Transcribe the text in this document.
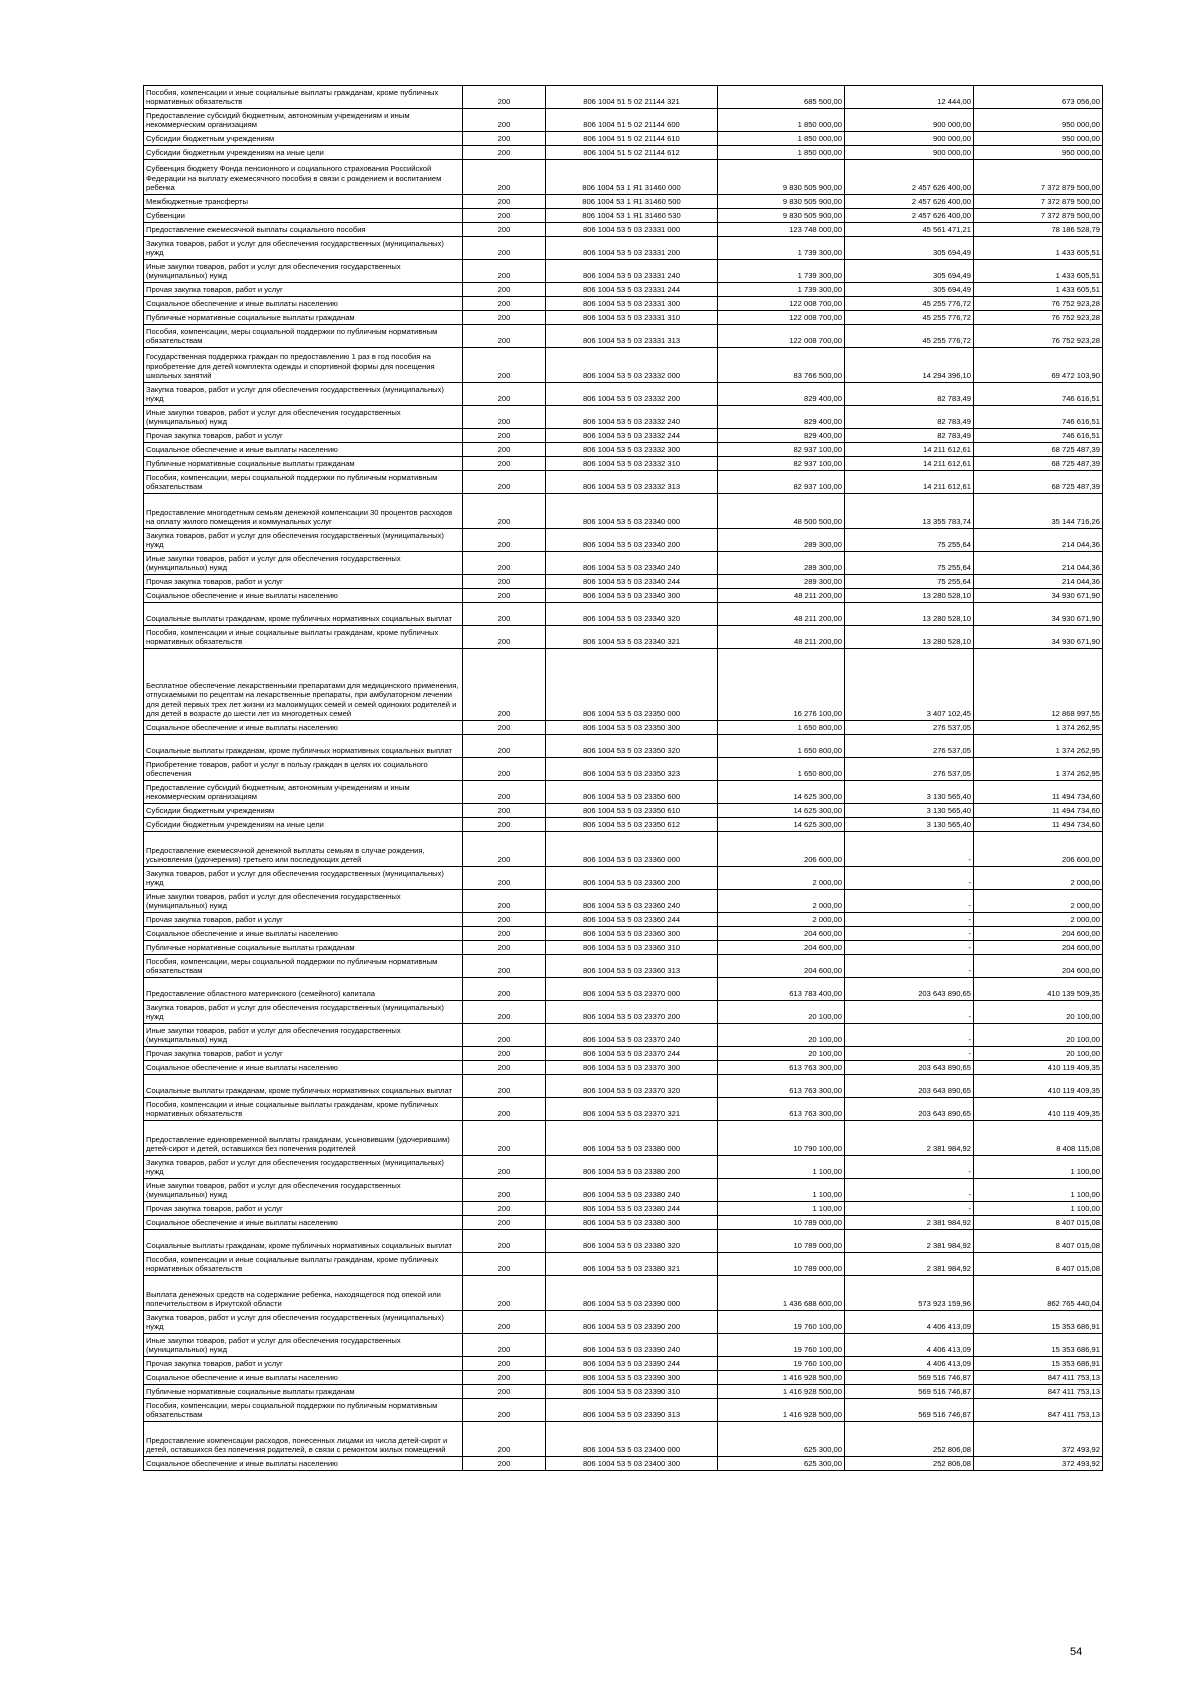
Пособия, компенсации и иные социальные выплаты гражданам, кроме публичных нормативных обязательств	200	806 1004 51 5 02 21144 321	685 500,00	12 444,00	673 056,00
Предоставление субсидий бюджетным, автономным учреждениям и иным некоммерческим организациям	200	806 1004 51 5 02 21144 600	1 850 000,00	900 000,00	950 000,00
Субсидии бюджетным учреждениям	200	806 1004 51 5 02 21144 610	1 850 000,00	900 000,00	950 000,00
Субсидии бюджетным учреждениям на иные цели	200	806 1004 51 5 02 21144 612	1 850 000,00	900 000,00	950 000,00
Субвенция бюджету Фонда пенсионного и социального страхования Российской Федерации на выплату ежемесячного пособия в связи с рождением и воспитанием ребенка	200	806 1004 53 1 Я1 31460 000	9 830 505 900,00	2 457 626 400,00	7 372 879 500,00
Межбюджетные трансферты	200	806 1004 53 1 Я1 31460 500	9 830 505 900,00	2 457 626 400,00	7 372 879 500,00
Субвенции	200	806 1004 53 1 Я1 31460 530	9 830 505 900,00	2 457 626 400,00	7 372 879 500,00
Предоставление ежемесячной выплаты социального пособия	200	806 1004 53 5 03 23331 000	123 748 000,00	45 561 471,21	78 186 528,79
Закупка товаров, работ и услуг для обеспечения государственных (муниципальных) нужд	200	806 1004 53 5 03 23331 200	1 739 300,00	305 694,49	1 433 605,51
Иные закупки товаров, работ и услуг для обеспечения государственных (муниципальных) нужд	200	806 1004 53 5 03 23331 240	1 739 300,00	305 694,49	1 433 605,51
Прочая закупка товаров, работ и услуг	200	806 1004 53 5 03 23331 244	1 739 300,00	305 694,49	1 433 605,51
Социальное обеспечение и иные выплаты населению	200	806 1004 53 5 03 23331 300	122 008 700,00	45 255 776,72	76 752 923,28
Публичные нормативные социальные выплаты гражданам	200	806 1004 53 5 03 23331 310	122 008 700,00	45 255 776,72	76 752 923,28
Пособия, компенсации, меры социальной поддержки по публичным нормативным обязательствам	200	806 1004 53 5 03 23331 313	122 008 700,00	45 255 776,72	76 752 923,28
Государственная поддержка граждан по предоставлению 1 раз в год пособия на приобретение для детей комплекта одежды и спортивной формы для посещения школьных занятий	200	806 1004 53 5 03 23332 000	83 766 500,00	14 294 396,10	69 472 103,90
Закупка товаров, работ и услуг для обеспечения государственных (муниципальных) нужд	200	806 1004 53 5 03 23332 200	829 400,00	82 783,49	746 616,51
Иные закупки товаров, работ и услуг для обеспечения государственных (муниципальных) нужд	200	806 1004 53 5 03 23332 240	829 400,00	82 783,49	746 616,51
Прочая закупка товаров, работ и услуг	200	806 1004 53 5 03 23332 244	829 400,00	82 783,49	746 616,51
Социальное обеспечение и иные выплаты населению	200	806 1004 53 5 03 23332 300	82 937 100,00	14 211 612,61	68 725 487,39
Публичные нормативные социальные выплаты гражданам	200	806 1004 53 5 03 23332 310	82 937 100,00	14 211 612,61	68 725 487,39
Пособия, компенсации, меры социальной поддержки по публичным нормативным обязательствам	200	806 1004 53 5 03 23332 313	82 937 100,00	14 211 612,61	68 725 487,39
Предоставление многодетным семьям денежной компенсации 30 процентов расходов на оплату жилого помещения и коммунальных услуг	200	806 1004 53 5 03 23340 000	48 500 500,00	13 355 783,74	35 144 716,26
Закупка товаров, работ и услуг для обеспечения государственных (муниципальных) нужд	200	806 1004 53 5 03 23340 200	289 300,00	75 255,64	214 044,36
Иные закупки товаров, работ и услуг для обеспечения государственных (муниципальных) нужд	200	806 1004 53 5 03 23340 240	289 300,00	75 255,64	214 044,36
Прочая закупка товаров, работ и услуг	200	806 1004 53 5 03 23340 244	289 300,00	75 255,64	214 044,36
Социальное обеспечение и иные выплаты населению	200	806 1004 53 5 03 23340 300	48 211 200,00	13 280 528,10	34 930 671,90
Социальные выплаты гражданам, кроме публичных нормативных социальных выплат	200	806 1004 53 5 03 23340 320	48 211 200,00	13 280 528,10	34 930 671,90
Пособия, компенсации и иные социальные выплаты гражданам, кроме публичных нормативных обязательств	200	806 1004 53 5 03 23340 321	48 211 200,00	13 280 528,10	34 930 671,90
Бесплатное обеспечение лекарственными препаратами для медицинского применения, отпускаемыми по рецептам на лекарственные препараты, при амбулаторном лечении для детей первых трех лет жизни из малоимущих семей и семей одиноких родителей и для детей в возрасте до шести лет из многодетных семей	200	806 1004 53 5 03 23350 000	16 276 100,00	3 407 102,45	12 868 997,55
Социальное обеспечение и иные выплаты населению	200	806 1004 53 5 03 23350 300	1 650 800,00	276 537,05	1 374 262,95
Социальные выплаты гражданам, кроме публичных нормативных социальных выплат	200	806 1004 53 5 03 23350 320	1 650 800,00	276 537,05	1 374 262,95
Приобретение товаров, работ и услуг в пользу граждан в целях их социального обеспечения	200	806 1004 53 5 03 23350 323	1 650 800,00	276 537,05	1 374 262,95
Предоставление субсидий бюджетным, автономным учреждениям и иным некоммерческим организациям	200	806 1004 53 5 03 23350 600	14 625 300,00	3 130 565,40	11 494 734,60
Субсидии бюджетным учреждениям	200	806 1004 53 5 03 23350 610	14 625 300,00	3 130 565,40	11 494 734,60
Субсидии бюджетным учреждениям на иные цели	200	806 1004 53 5 03 23350 612	14 625 300,00	3 130 565,40	11 494 734,60
Предоставление ежемесячной денежной выплаты семьям в случае рождения, усыновления (удочерения) третьего или последующих детей	200	806 1004 53 5 03 23360 000	206 600,00	-	206 600,00
Закупка товаров, работ и услуг для обеспечения государственных (муниципальных) нужд	200	806 1004 53 5 03 23360 200	2 000,00	-	2 000,00
Иные закупки товаров, работ и услуг для обеспечения государственных (муниципальных) нужд	200	806 1004 53 5 03 23360 240	2 000,00	-	2 000,00
Прочая закупка товаров, работ и услуг	200	806 1004 53 5 03 23360 244	2 000,00	-	2 000,00
Социальное обеспечение и иные выплаты населению	200	806 1004 53 5 03 23360 300	204 600,00	-	204 600,00
Публичные нормативные социальные выплаты гражданам	200	806 1004 53 5 03 23360 310	204 600,00	-	204 600,00
Пособия, компенсации, меры социальной поддержки по публичным нормативным обязательствам	200	806 1004 53 5 03 23360 313	204 600,00	-	204 600,00
Предоставление областного материнского (семейного) капитала	200	806 1004 53 5 03 23370 000	613 783 400,00	203 643 890,65	410 139 509,35
Закупка товаров, работ и услуг для обеспечения государственных (муниципальных) нужд	200	806 1004 53 5 03 23370 200	20 100,00	-	20 100,00
Иные закупки товаров, работ и услуг для обеспечения государственных (муниципальных) нужд	200	806 1004 53 5 03 23370 240	20 100,00	-	20 100,00
Прочая закупка товаров, работ и услуг	200	806 1004 53 5 03 23370 244	20 100,00	-	20 100,00
Социальное обеспечение и иные выплаты населению	200	806 1004 53 5 03 23370 300	613 763 300,00	203 643 890,65	410 119 409,35
Социальные выплаты гражданам, кроме публичных нормативных социальных выплат	200	806 1004 53 5 03 23370 320	613 763 300,00	203 643 890,65	410 119 409,35
Пособия, компенсации и иные социальные выплаты гражданам, кроме публичных нормативных обязательств	200	806 1004 53 5 03 23370 321	613 763 300,00	203 643 890,65	410 119 409,35
Предоставление единовременной выплаты гражданам, усыновившим (удочерившим) детей-сирот и детей, оставшихся без попечения родителей	200	806 1004 53 5 03 23380 000	10 790 100,00	2 381 984,92	8 408 115,08
Закупка товаров, работ и услуг для обеспечения государственных (муниципальных) нужд	200	806 1004 53 5 03 23380 200	1 100,00	-	1 100,00
Иные закупки товаров, работ и услуг для обеспечения государственных (муниципальных) нужд	200	806 1004 53 5 03 23380 240	1 100,00	-	1 100,00
Прочая закупка товаров, работ и услуг	200	806 1004 53 5 03 23380 244	1 100,00	-	1 100,00
Социальное обеспечение и иные выплаты населению	200	806 1004 53 5 03 23380 300	10 789 000,00	2 381 984,92	8 407 015,08
Социальные выплаты гражданам, кроме публичных нормативных социальных выплат	200	806 1004 53 5 03 23380 320	10 789 000,00	2 381 984,92	8 407 015,08
Пособия, компенсации и иные социальные выплаты гражданам, кроме публичных нормативных обязательств	200	806 1004 53 5 03 23380 321	10 789 000,00	2 381 984,92	8 407 015,08
Выплата денежных средств на содержание ребенка, находящегося под опекой или попечительством в Иркутской области	200	806 1004 53 5 03 23390 000	1 436 688 600,00	573 923 159,96	862 765 440,04
Закупка товаров, работ и услуг для обеспечения государственных (муниципальных) нужд	200	806 1004 53 5 03 23390 200	19 760 100,00	4 406 413,09	15 353 686,91
Иные закупки товаров, работ и услуг для обеспечения государственных (муниципальных) нужд	200	806 1004 53 5 03 23390 240	19 760 100,00	4 406 413,09	15 353 686,91
Прочая закупка товаров, работ и услуг	200	806 1004 53 5 03 23390 244	19 760 100,00	4 406 413,09	15 353 686,91
Социальное обеспечение и иные выплаты населению	200	806 1004 53 5 03 23390 300	1 416 928 500,00	569 516 746,87	847 411 753,13
Публичные нормативные социальные выплаты гражданам	200	806 1004 53 5 03 23390 310	1 416 928 500,00	569 516 746,87	847 411 753,13
Пособия, компенсации, меры социальной поддержки по публичным нормативным обязательствам	200	806 1004 53 5 03 23390 313	1 416 928 500,00	569 516 746,87	847 411 753,13
Предоставление компенсации расходов, понесенных лицами из числа детей-сирот и детей, оставшихся без попечения родителей, в связи с ремонтом жилых помещений	200	806 1004 53 5 03 23400 000	625 300,00	252 806,08	372 493,92
Социальное обеспечение и иные выплаты населению	200	806 1004 53 5 03 23400 300	625 300,00	252 806,08	372 493,92
54
